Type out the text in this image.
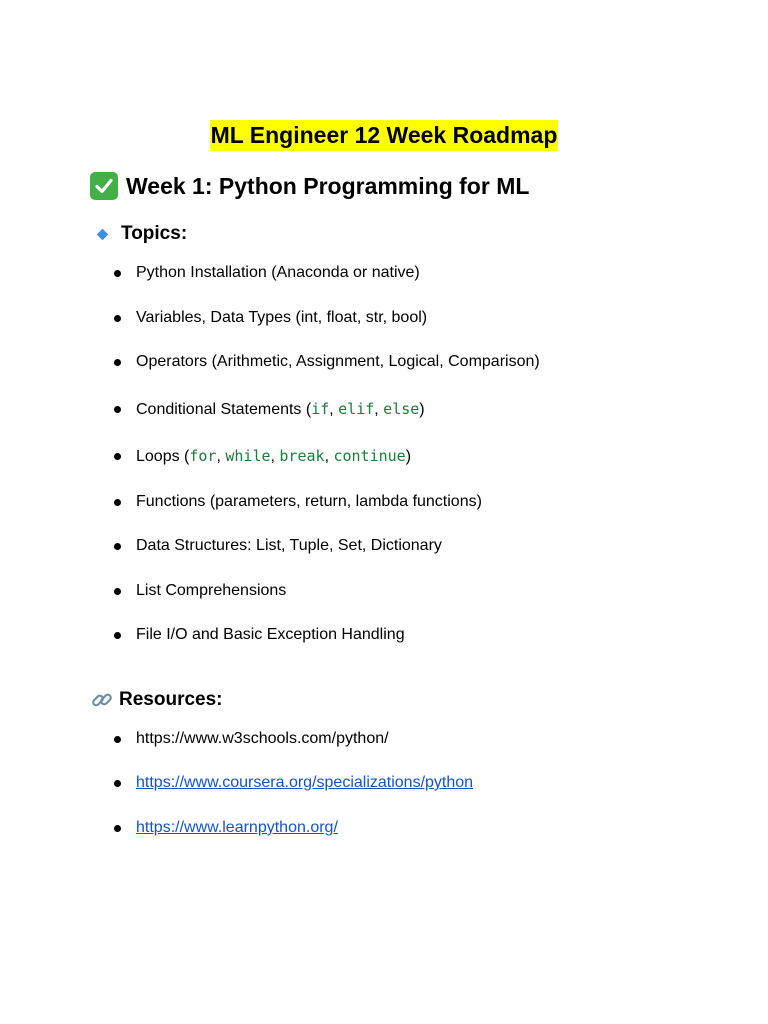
ML Engineer 12 Week Roadmap
Week 1: Python Programming for ML
Topics:
Python Installation (Anaconda or native)
Variables, Data Types (int, float, str, bool)
Operators (Arithmetic, Assignment, Logical, Comparison)
Conditional Statements (if, elif, else)
Loops (for, while, break, continue)
Functions (parameters, return, lambda functions)
Data Structures: List, Tuple, Set, Dictionary
List Comprehensions
File I/O and Basic Exception Handling
Resources:
https://www.w3schools.com/python/
https://www.coursera.org/specializations/python
https://www.learnpython.org/
